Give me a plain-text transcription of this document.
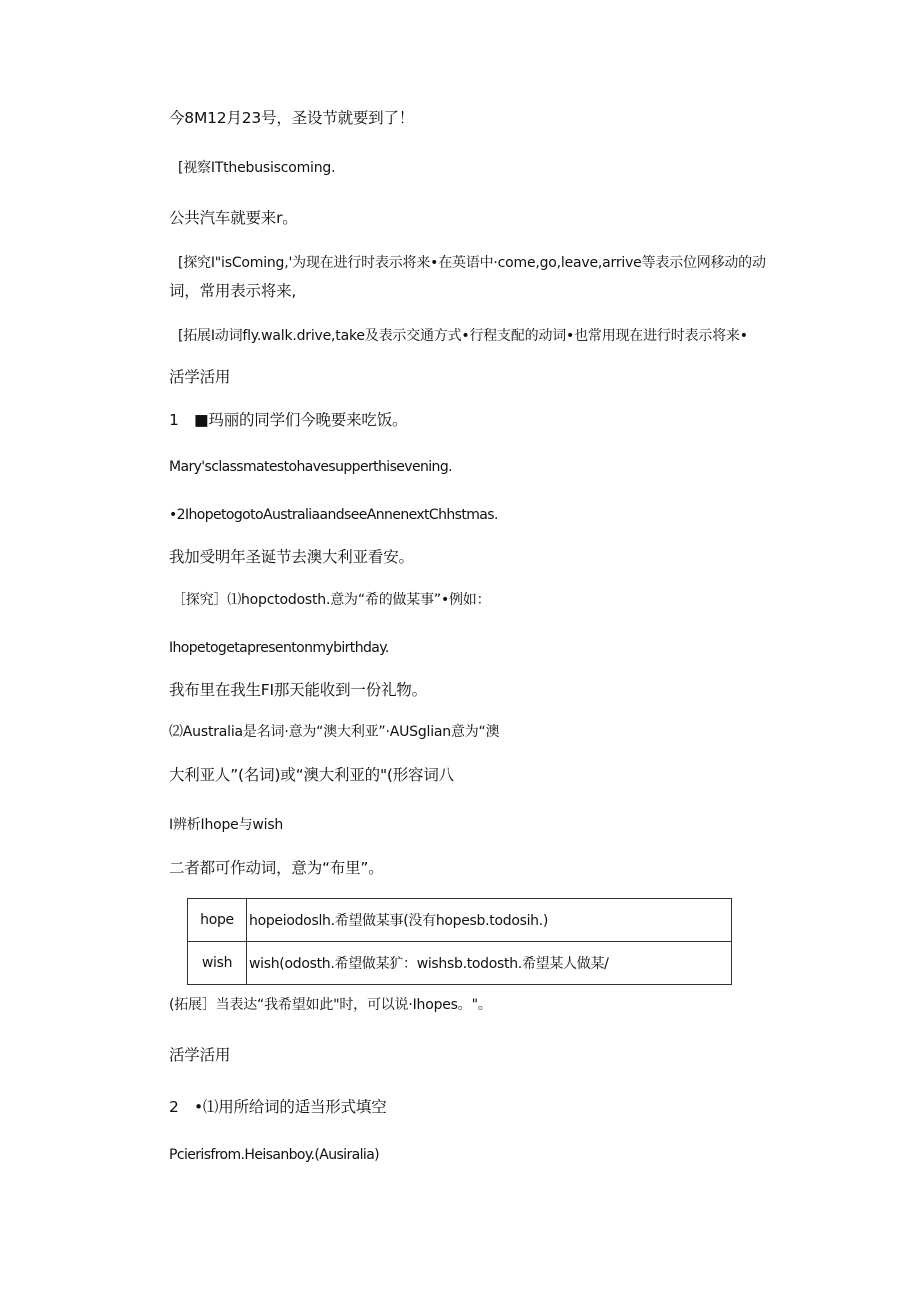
今8M12月23号，圣设节就要到了！
[视察ITthebusiscoming.
公共汽车就要来r。
[探究I"isComing,'为现在进行时表示将来•在英语中·come,go,leave,arrive等表示位网移动的动
词，常用表示将来,
[拓展I动词fly.walk.drive,take及表示交通方式•行程支配的动词•也常用现在进行时表示将来•
活学活用
1　■玛丽的同学们今晚要来吃饭。
Mary'sclassmatestohavesupperthisevening.
•2IhopetogotoAustraliaandseeAnnenextChhstmas.
我加受明年圣诞节去澳大利亚看安。
［探究］⑴hopctodosth.意为“希的做某事”•例如：
Ihopetogetapresentonmybirthday.
我布里在我生FI那天能收到一份礼物。
⑵Australia是名词·意为“澳大利亚”·AUSglian意为“澳
大利亚人”(名词)或“澳大利亚的"(形容词八
I辨析Ihope与wish
二者都可作动词，意为“布里”。
hope	hopeiodoslh.希望做某事(没有hopesb.todosih.)
wish	wish(odosth.希望做某犷：wishsb.todosth.希望某人做某/
(拓展］当表达“我希望如此"时，可以说·Ihopes。"。
活学活用
2　•⑴用所给词的适当形式填空
Pcierisfrom.Heisanboy.(Ausiralia)
